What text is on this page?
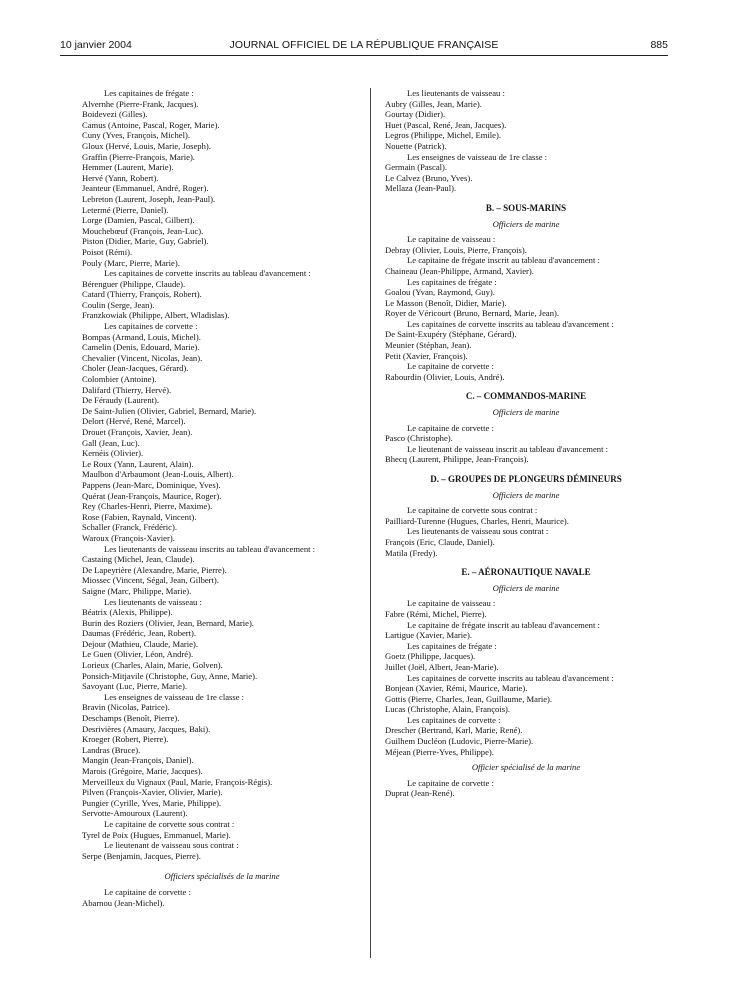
10 janvier 2004	JOURNAL OFFICIEL DE LA RÉPUBLIQUE FRANÇAISE	885
Les capitaines de frégate :
Alvernhe (Pierre-Frank, Jacques).
Boidevezi (Gilles).
Camus (Antoine, Pascal, Roger, Marie).
Cuny (Yves, François, Michel).
Gloux (Hervé, Louis, Marie, Joseph).
Graffin (Pierre-François, Marie).
Hemmer (Laurent, Marie).
Hervé (Yann, Robert).
Jeanteur (Emmanuel, André, Roger).
Lebreton (Laurent, Joseph, Jean-Paul).
Letermé (Pierre, Daniel).
Lorge (Damien, Pascal, Gilbert).
Mouchebœuf (François, Jean-Luc).
Piston (Didier, Marie, Guy, Gabriel).
Poisot (Rémi).
Pouly (Marc, Pierre, Marie).
Les capitaines de corvette inscrits au tableau d'avancement :
Bérenguer (Philippe, Claude).
Catard (Thierry, François, Robert).
Coulin (Serge, Jean).
Franzkowiak (Philippe, Albert, Wladislas).
Les capitaines de corvette :
Bompas (Armand, Louis, Michel).
Camelin (Denis, Edouard, Marie).
Chevalier (Vincent, Nicolas, Jean).
Choler (Jean-Jacques, Gérard).
Colombier (Antoine).
Dalifard (Thierry, Hervé).
De Féraudy (Laurent).
De Saint-Julien (Olivier, Gabriel, Bernard, Marie).
Delort (Hervé, René, Marcel).
Drouet (François, Xavier, Jean).
Gall (Jean, Luc).
Kernéis (Olivier).
Le Roux (Yann, Laurent, Alain).
Maulbon d'Arbaumont (Jean-Louis, Albert).
Pappens (Jean-Marc, Dominique, Yves).
Quérat (Jean-François, Maurice, Roger).
Rey (Charles-Henri, Pierre, Maxime).
Rose (Fabien, Raynald, Vincent).
Schaller (Franck, Frédéric).
Waroux (François-Xavier).
Les lieutenants de vaisseau inscrits au tableau d'avancement :
Castaing (Michel, Jean, Claude).
De Lapeyrière (Alexandre, Marie, Pierre).
Miossec (Vincent, Ségal, Jean, Gilbert).
Saigne (Marc, Philippe, Marie).
Les lieutenants de vaisseau :
Béatrix (Alexis, Philippe).
Burin des Roziers (Olivier, Jean, Bernard, Marie).
Daumas (Frédéric, Jean, Robert).
Dejour (Mathieu, Claude, Marie).
Le Guen (Olivier, Léon, André).
Lorieux (Charles, Alain, Marie, Golven).
Ponsich-Mitjavile (Christophe, Guy, Anne, Marie).
Savoyant (Luc, Pierre, Marie).
Les enseignes de vaisseau de 1re classe :
Bravin (Nicolas, Patrice).
Deschamps (Benoît, Pierre).
Desrivières (Amaury, Jacques, Baki).
Kroeger (Robert, Pierre).
Landras (Bruce).
Mangin (Jean-François, Daniel).
Marois (Grégoire, Marie, Jacques).
Merveilleux du Vignaux (Paul, Marie, François-Régis).
Pilven (François-Xavier, Olivier, Marie).
Pungier (Cyrille, Yves, Marie, Philippe).
Servotte-Amouroux (Laurent).
Le capitaine de corvette sous contrat :
Tyrel de Poix (Hugues, Emmanuel, Marie).
Le lieutenant de vaisseau sous contrat :
Serpe (Benjamin, Jacques, Pierre).
Officiers spécialisés de la marine
Le capitaine de corvette :
Abarnou (Jean-Michel).
Les lieutenants de vaisseau :
Aubry (Gilles, Jean, Marie).
Gourtay (Didier).
Huet (Pascal, René, Jean, Jacques).
Legros (Philippe, Michel, Emile).
Nouette (Patrick).
Les enseignes de vaisseau de 1re classe :
Germain (Pascal).
Le Calvez (Bruno, Yves).
Mellaza (Jean-Paul).
B. – SOUS-MARINS
Officiers de marine
Le capitaine de vaisseau :
Debray (Olivier, Louis, Pierre, François).
Le capitaine de frégate inscrit au tableau d'avancement :
Chaineau (Jean-Philippe, Armand, Xavier).
Les capitaines de frégate :
Goalou (Yvan, Raymond, Guy).
Le Masson (Benoît, Didier, Marie).
Royer de Véricourt (Bruno, Bernard, Marie, Jean).
Les capitaines de corvette inscrits au tableau d'avancement :
De Saint-Exupéry (Stéphane, Gérard).
Meunier (Stéphan, Jean).
Petit (Xavier, François).
Le capitaine de corvette :
Rabourdin (Olivier, Louis, André).
C. – COMMANDOS-MARINE
Officiers de marine
Le capitaine de corvette :
Pasco (Christophe).
Le lieutenant de vaisseau inscrit au tableau d'avancement :
Bhecq (Laurent, Philippe, Jean-François).
D. – GROUPES DE PLONGEURS DÉMINEURS
Officiers de marine
Le capitaine de corvette sous contrat :
Pailliard-Turenne (Hugues, Charles, Henri, Maurice).
Les lieutenants de vaisseau sous contrat :
François (Eric, Claude, Daniel).
Matila (Fredy).
E. – AÉRONAUTIQUE NAVALE
Officiers de marine
Le capitaine de vaisseau :
Fabre (Rémi, Michel, Pierre).
Le capitaine de frégate inscrit au tableau d'avancement :
Lartigue (Xavier, Marie).
Les capitaines de frégate :
Goetz (Philippe, Jacques).
Juillet (Joël, Albert, Jean-Marie).
Les capitaines de corvette inscrits au tableau d'avancement :
Bonjean (Xavier, Rémi, Maurice, Marie).
Gottis (Pierre, Charles, Jean, Guillaume, Marie).
Lucas (Christophe, Alain, François).
Les capitaines de corvette :
Drescher (Bertrand, Karl, Marie, René).
Guilhem Ducléon (Ludovic, Pierre-Marie).
Méjean (Pierre-Yves, Philippe).
Officier spécialisé de la marine
Le capitaine de corvette :
Duprat (Jean-René).
